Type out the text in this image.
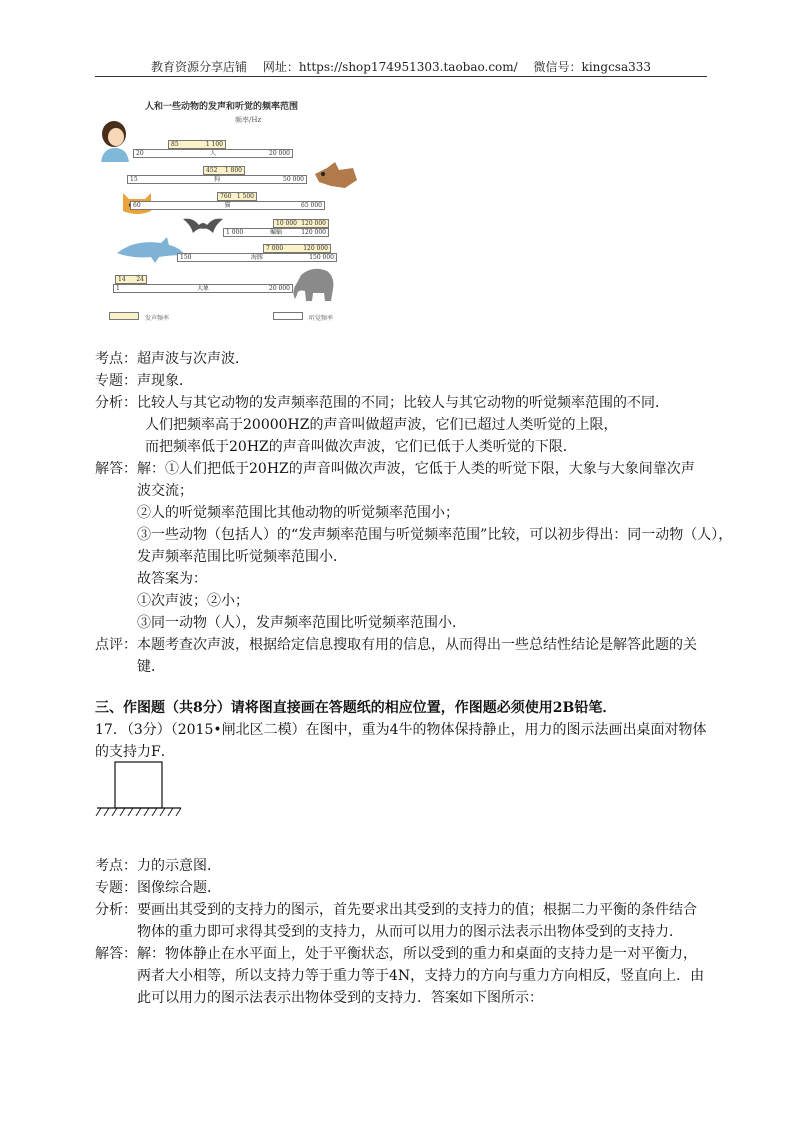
教育资源分享店铺 网址：https://shop174951303.taobao.com/ 微信号：kingcsa333
人和一些动物的发声和听觉的频率范围
频率/Hz
85	1 100
20	人	20 000
452 1 800
15	狗	50 000
760 1 500
60	猫	65 000
10 000 120 000
1 000	蝙蝠	120 000
7 000	120 000
150	海豚	150 000
14 24
1	大象	20 000
发声频率	听觉频率
考点：超声波与次声波．
专题：声现象．
分析：比较人与其它动物的发声频率范围的不同；比较人与其它动物的听觉频率范围的不同．
人们把频率高于20000HZ的声音叫做超声波，它们已超过人类听觉的上限，
而把频率低于20HZ的声音叫做次声波，它们已低于人类听觉的下限．
解答：解：①人们把低于20HZ的声音叫做次声波，它低于人类的听觉下限，大象与大象间靠次声
波交流；
②人的听觉频率范围比其他动物的听觉频率范围小；
③一些动物（包括人）的“发声频率范围与听觉频率范围”比较，可以初步得出：同一动物（人），
发声频率范围比听觉频率范围小．
故答案为：
①次声波；②小；
③同一动物（人），发声频率范围比听觉频率范围小．
点评：本题考查次声波，根据给定信息搜取有用的信息，从而得出一些总结性结论是解答此题的关
键．
三、作图题（共8分）请将图直接画在答题纸的相应位置，作图题必须使用2B铅笔．
17．（3分）（2015•闸北区二模）在图中，重为4牛的物体保持静止，用力的图示法画出桌面对物体
的支持力F．
考点：力的示意图．
专题：图像综合题．
分析：要画出其受到的支持力的图示，首先要求出其受到的支持力的值；根据二力平衡的条件结合
物体的重力即可求得其受到的支持力，从而可以用力的图示法表示出物体受到的支持力．
解答：解：物体静止在水平面上，处于平衡状态，所以受到的重力和桌面的支持力是一对平衡力，
两者大小相等，所以支持力等于重力等于4N，支持力的方向与重力方向相反，竖直向上．由
此可以用力的图示法表示出物体受到的支持力．答案如下图所示：
